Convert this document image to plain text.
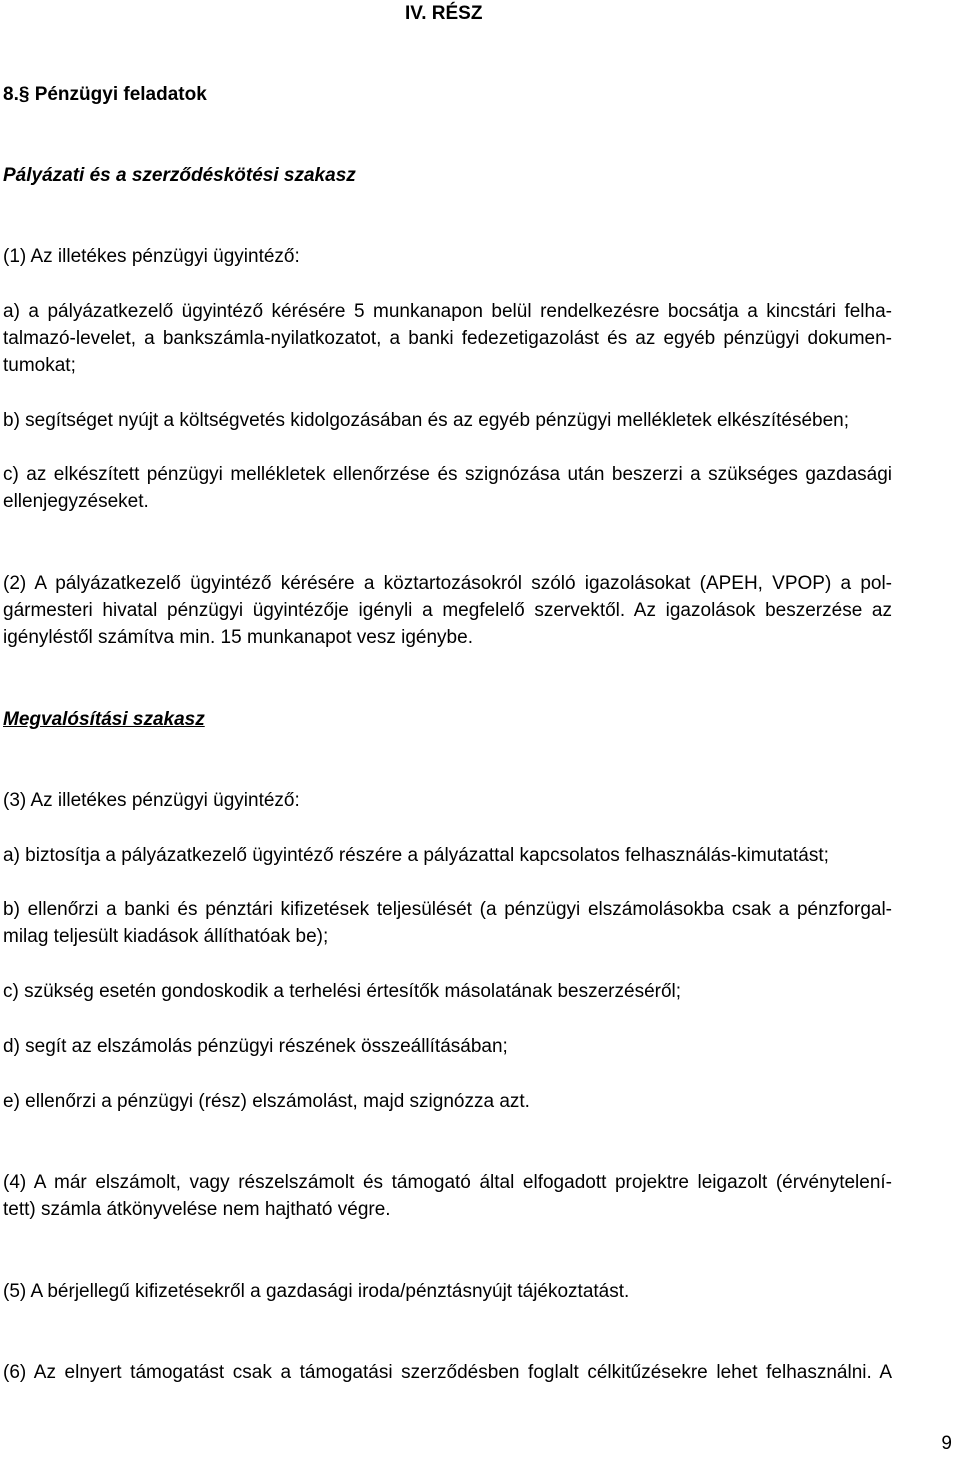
IV. RÉSZ
8.§ Pénzügyi feladatok
Pályázati és a szerződéskötési szakasz
(1) Az illetékes pénzügyi ügyintéző:
a) a pályázatkezelő ügyintéző kérésére 5 munkanapon belül rendelkezésre bocsátja a kincstári felha-
talmazó-levelet, a bankszámla-nyilatkozatot, a banki fedezetigazolást és az egyéb pénzügyi dokumen-
tumokat;
b) segítséget nyújt a költségvetés kidolgozásában és az egyéb pénzügyi mellékletek elkészítésében;
c) az elkészített pénzügyi mellékletek ellenőrzése és szignózása után beszerzi a szükséges gazdasági
ellenjegyzéseket.
(2) A pályázatkezelő ügyintéző kérésére a köztartozásokról szóló igazolásokat (APEH, VPOP) a pol-
gármesteri hivatal pénzügyi ügyintézője igényli a megfelelő szervektől. Az igazolások beszerzése az
igényléstől számítva min. 15 munkanapot vesz igénybe.
Megvalósítási szakasz
(3) Az illetékes pénzügyi ügyintéző:
a) biztosítja a pályázatkezelő ügyintéző részére a pályázattal kapcsolatos felhasználás-kimutatást;
b) ellenőrzi a banki és pénztári kifizetések teljesülését (a pénzügyi elszámolásokba csak a pénzforgal-
milag teljesült kiadások állíthatóak be);
c) szükség esetén gondoskodik a terhelési értesítők másolatának beszerzéséről;
d) segít az elszámolás pénzügyi részének összeállításában;
e) ellenőrzi a pénzügyi (rész) elszámolást, majd szignózza azt.
(4) A már elszámolt, vagy részelszámolt és támogató által elfogadott projektre leigazolt (érvénytelení-
tett) számla átkönyvelése nem hajtható végre.
(5) A bérjellegű kifizetésekről a gazdasági iroda/pénztásnyújt tájékoztatást.
(6) Az elnyert támogatást csak a támogatási szerződésben foglalt célkitűzésekre lehet felhasználni. A
9
